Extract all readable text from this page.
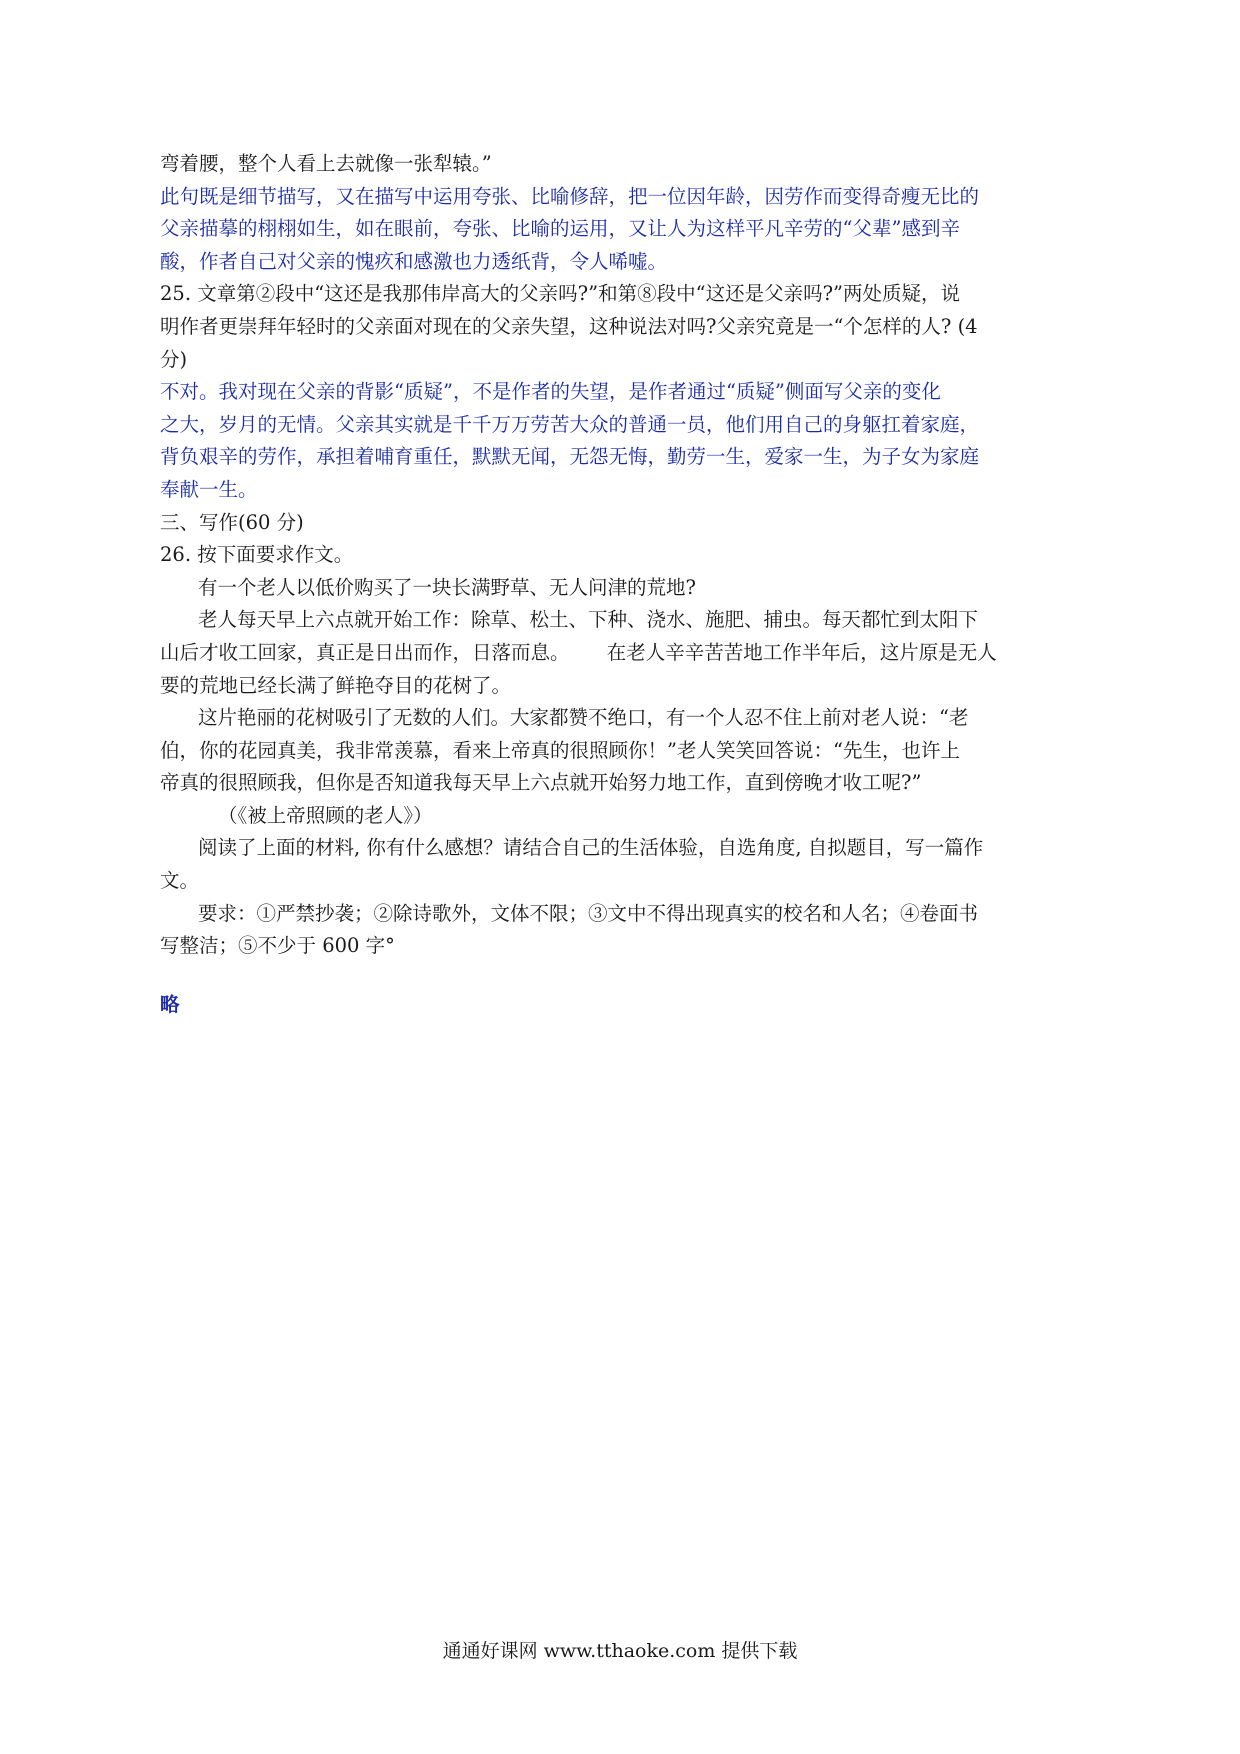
弯着腰，整个人看上去就像一张犁辕。”

此句既是细节描写，又在描写中运用夸张、比喻修辞，把一位因年龄，因劳作而变得奇瘦无比的

父亲描摹的栩栩如生，如在眼前，夸张、比喻的运用，又让人为这样平凡辛劳的“父辈”感到辛

酸，作者自己对父亲的愧疚和感激也力透纸背，令人唏嘘。

25. 文章第②段中“这还是我那伟岸高大的父亲吗?”和第⑧段中“这还是父亲吗?”两处质疑，说

明作者更崇拜年轻时的父亲面对现在的父亲失望，这种说法对吗?父亲究竟是一“个怎样的人? (4

分)

不对。我对现在父亲的背影“质疑”，不是作者的失望，是作者通过“质疑”侧面写父亲的变化

之大，岁月的无情。父亲其实就是千千万万劳苦大众的普通一员，他们用自己的身躯扛着家庭，

背负艰辛的劳作，承担着哺育重任，默默无闻，无怨无悔，勤劳一生，爱家一生，为子女为家庭

奉献一生。

三、写作(60 分)

26. 按下面要求作文。

有一个老人以低价购买了一块长满野草、无人问津的荒地?

老人每天早上六点就开始工作：除草、松土、下种、浇水、施肥、捕虫。每天都忙到太阳下

山后才收工回家，真正是日出而作，日落而息。      在老人辛辛苦苦地工作半年后，这片原是无人

要的荒地已经长满了鲜艳夺目的花树了。

这片艳丽的花树吸引了无数的人们。大家都赞不绝口，有一个人忍不住上前对老人说：“老

伯，你的花园真美，我非常羡慕，看来上帝真的很照顾你！”老人笑笑回答说：“先生，也许上

帝真的很照顾我，但你是否知道我每天早上六点就开始努力地工作，直到傍晚才收工呢?”

（《被上帝照顾的老人》）

阅读了上面的材料, 你有什么感想？请结合自己的生活体验，自选角度, 自拟题目，写一篇作

文。

要求：①严禁抄袭；②除诗歌外，文体不限；③文中不得出现真实的校名和人名；④卷面书

写整洁；⑤不少于 600 字°

略

通通好课网 www.tthaoke.com 提供下载
